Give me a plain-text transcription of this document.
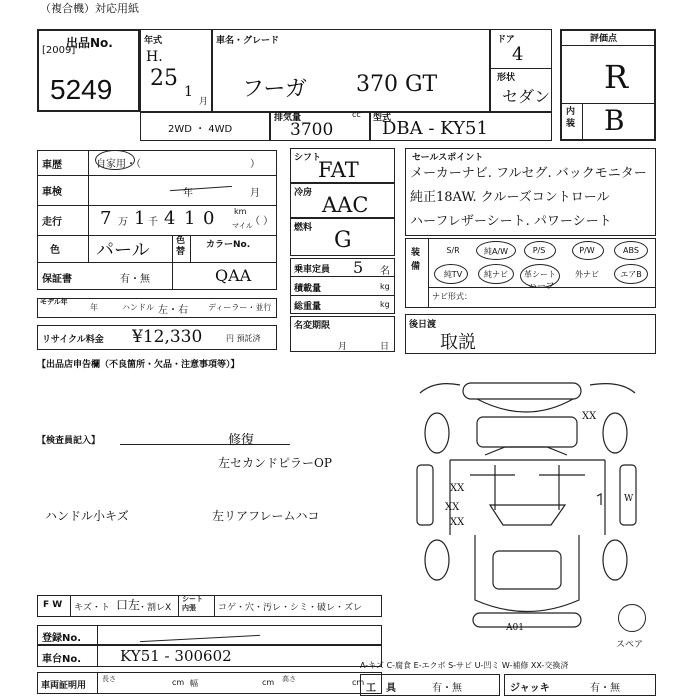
（複合機）対応用紙
出品No.
[2009]
5249
年式
H.
25
1
月
車名・グレード
フーガ 370 GT
ドア
4
形状
セダン
評価点
R
内装 B
2WD ・ 4WD
排気量	cc
3700
型式
DBA - KY51
車歴	自家用・（	）
車検	年	月
走行 7 万 1 千 4 1 0 km
マイル
（ ）
色 パール	色替
カラーNo.
QAA
保証書	有・無
モデル年
年	ハンドル 左・右	ディーラー・並行
リサイクル料金 ¥12,330	円 預託済
シフト
FAT
冷房 AAC
燃料 G
乗車定員 5 名
積載量	kg
総重量	kg
名変期限
月	日
セールスポイント
メーカーナビ. フルセグ. バックモニター
純正18AW. クルーズコントロール
ハーフレザーシート. パワーシート
装備
S/R	純A/W	P/S	P/W	ABS
純TV	純ナビ	革シート	外ナビ	エアB
ハーフ
ナビ形式：
後日渡
取説
【出品店申告欄（不良箇所・欠品・注意事項等）】
【検査員記入】	修復
左セカンドピラーOP
ハンドル小キズ	左リアフレームハコ
XX
XX
XX
XX
W
A01
スペア
F W キズ・ト 口左
・割レX
シート 内張	コゲ・穴・汚レ・シミ・破レ・ズレ
登録No.
車台No.	KY51 - 300602
車両証明用
長さ	cm 幅	cm 高さ	cm
A-キズ C-腐食 E-エクボ S-サビ U-凹ミ W-補修 XX-交換済
工　具	有・無	ジャッキ	有・無
